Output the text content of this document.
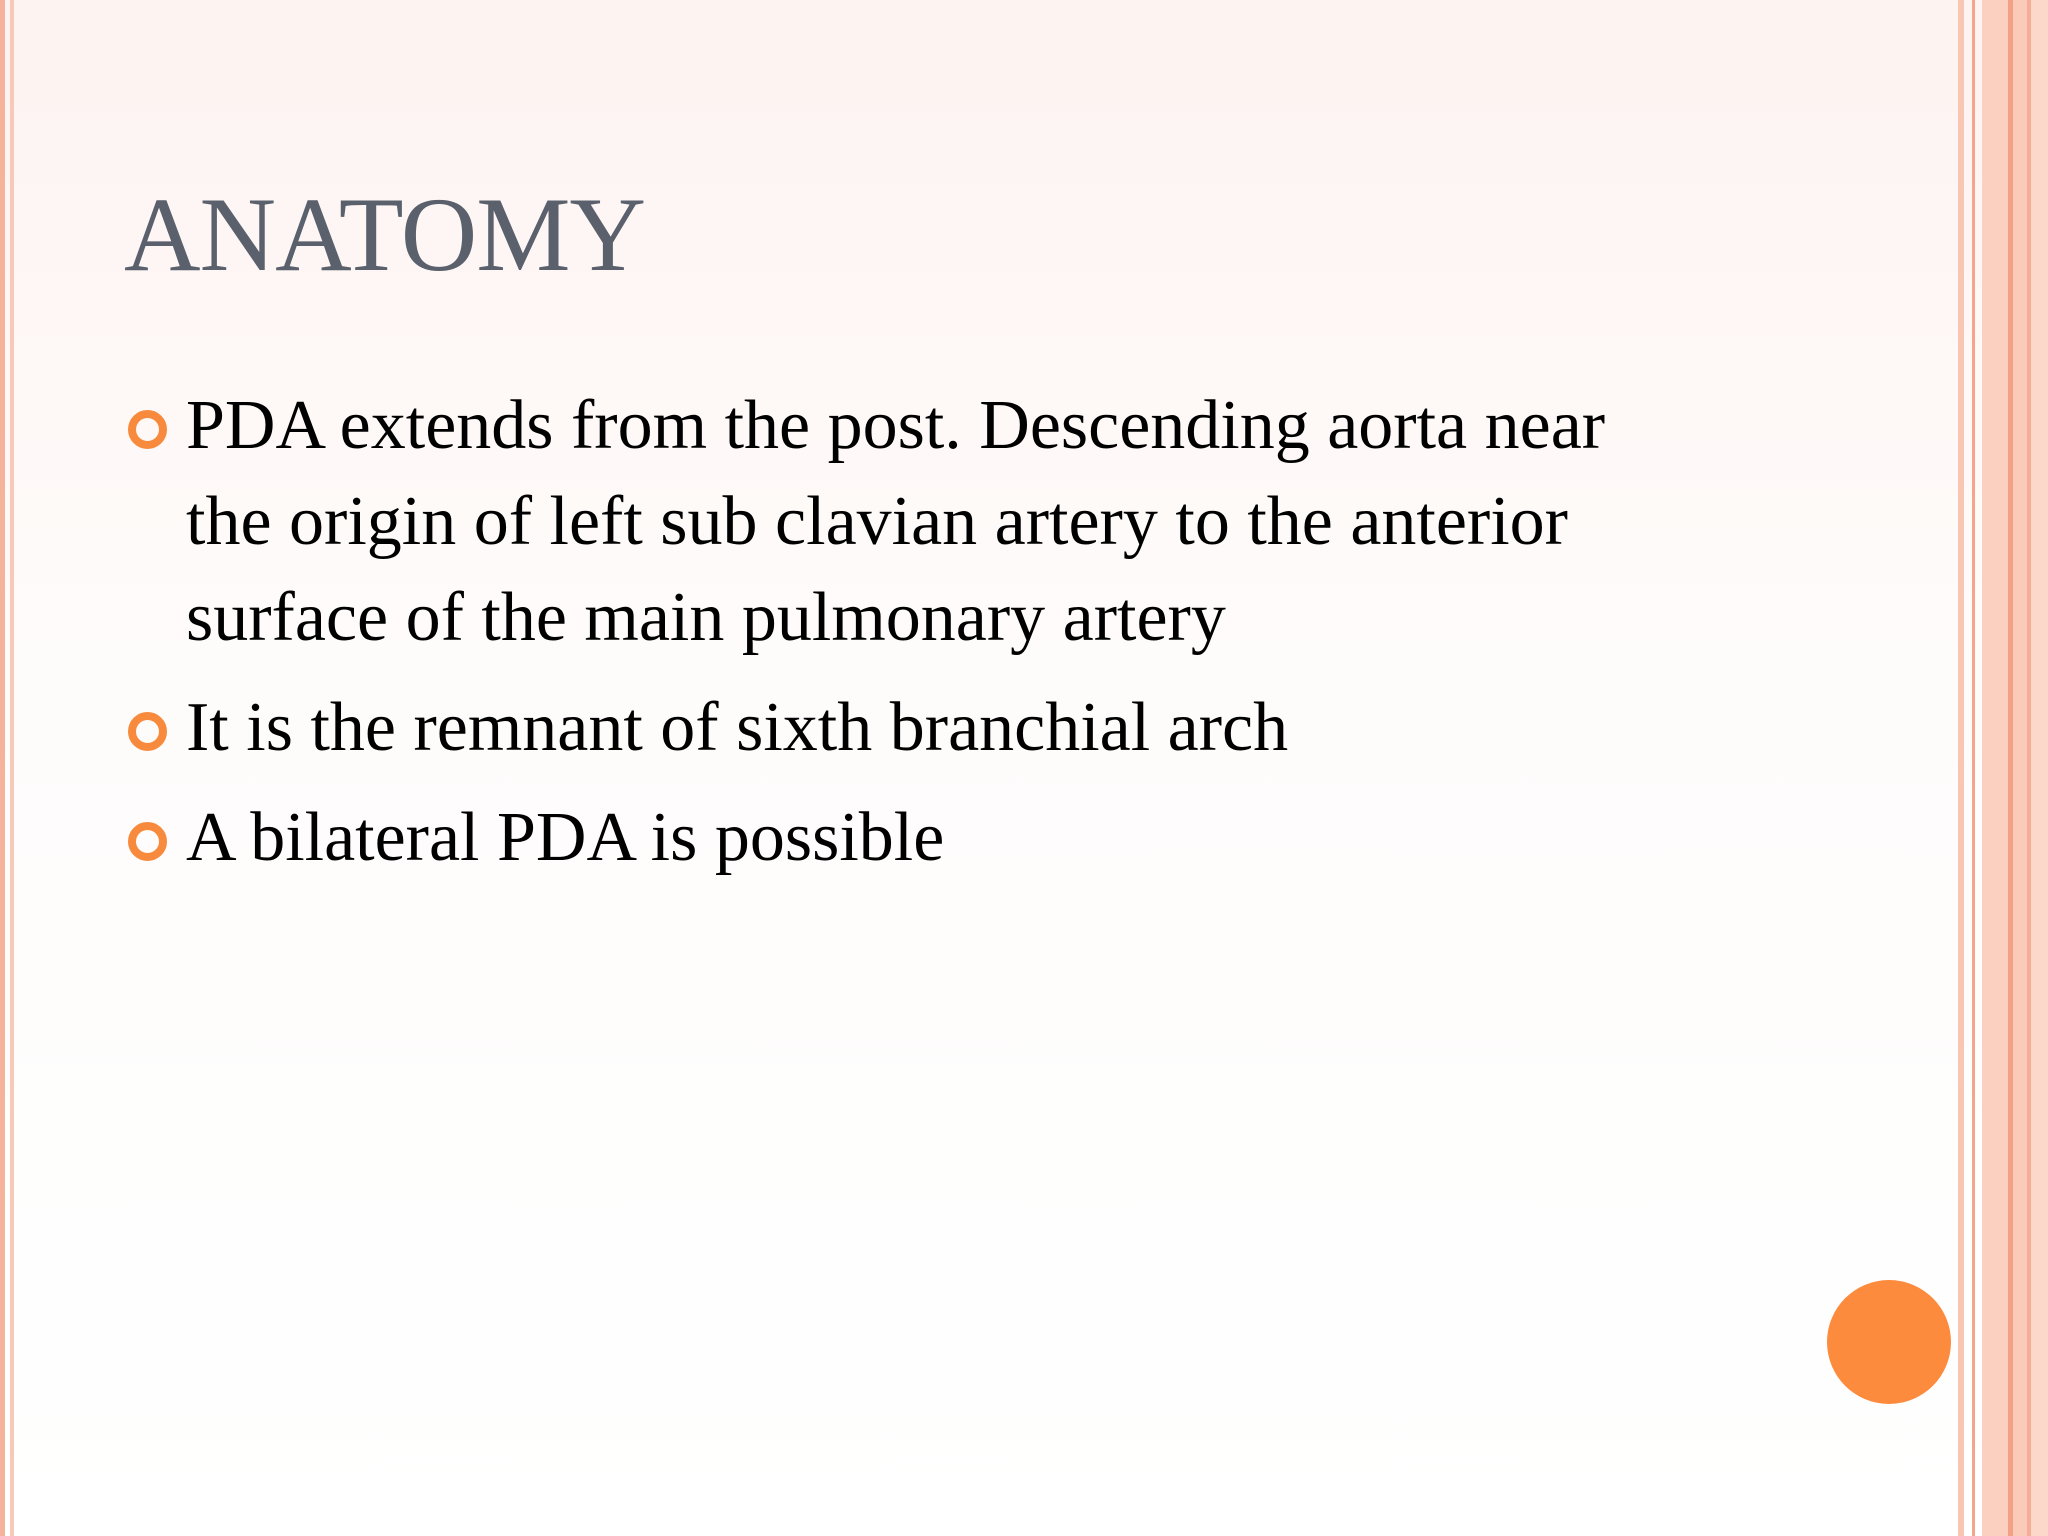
ANATOMY
PDA extends from the post. Descending aorta near the origin of left sub clavian artery to the anterior surface of the main pulmonary artery
It is the remnant of sixth branchial arch
A bilateral PDA is possible
